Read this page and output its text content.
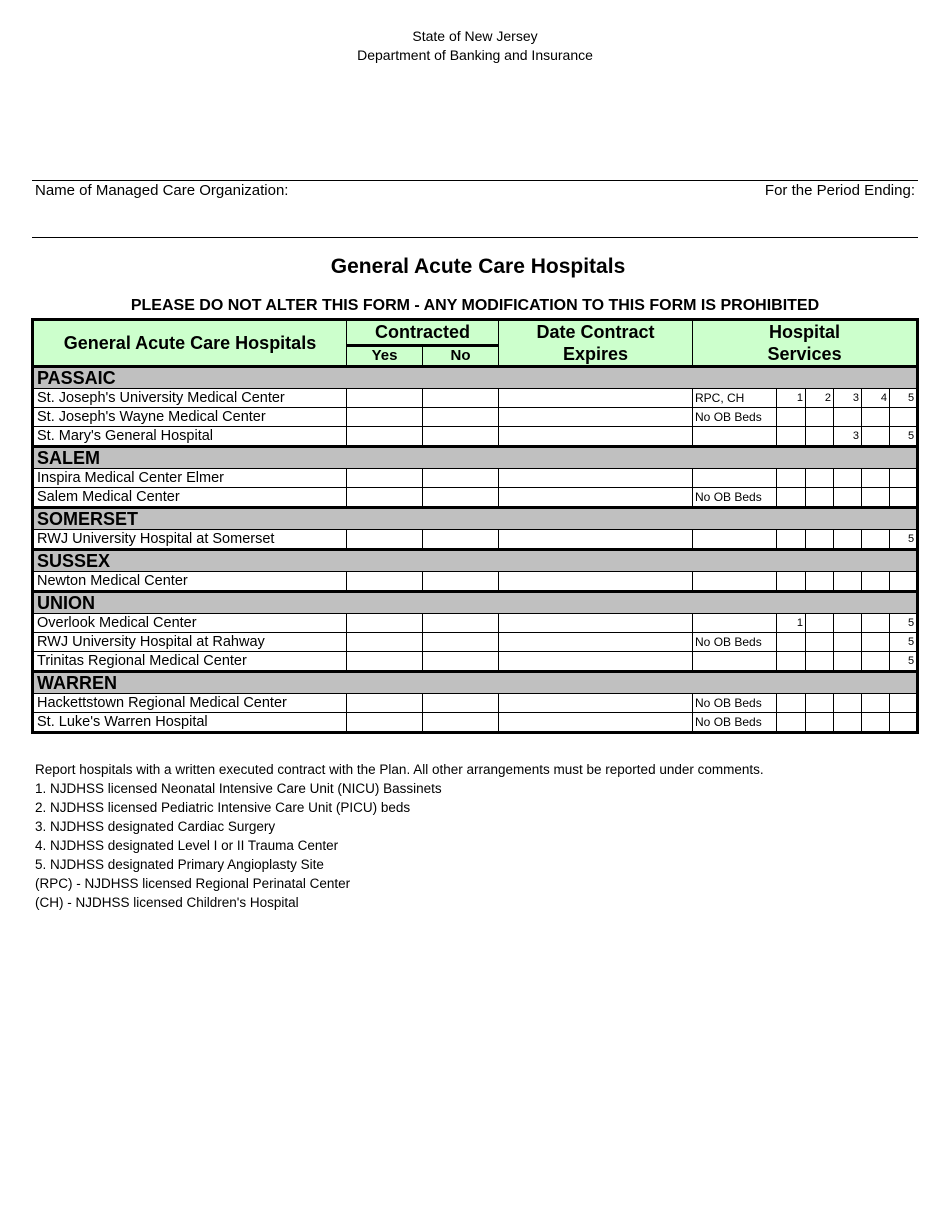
State of New Jersey
Department of Banking and Insurance
Name of Managed Care Organization:	For the Period Ending:
General Acute Care Hospitals
PLEASE DO NOT ALTER THIS FORM - ANY MODIFICATION TO THIS FORM IS PROHIBITED
General Acute Care Hospitals	Contracted		Date Contract Expires	Hospital Services					
	Yes	No							
PASSAIC									
St. Joseph's University Medical Center				RPC, CH	1	2	3	4	5
St. Joseph's Wayne Medical Center				No OB Beds					
St. Mary's General Hospital							3		5
SALEM									
Inspira Medical Center Elmer									
Salem Medical Center				No OB Beds					
SOMERSET									
RWJ University Hospital at Somerset									5
SUSSEX									
Newton Medical Center									
UNION									
Overlook Medical Center					1				5
RWJ University Hospital at Rahway				No OB Beds					5
Trinitas Regional Medical Center									5
WARREN									
Hackettstown Regional Medical Center				No OB Beds					
St. Luke's Warren Hospital				No OB Beds					
Report hospitals with a written executed contract with the Plan. All other arrangements must be reported under comments.
1. NJDHSS licensed Neonatal Intensive Care Unit (NICU) Bassinets
2. NJDHSS licensed Pediatric Intensive Care Unit (PICU) beds
3. NJDHSS designated Cardiac Surgery
4. NJDHSS designated Level I or II Trauma Center
5. NJDHSS designated Primary Angioplasty Site
(RPC) - NJDHSS licensed Regional Perinatal Center
(CH) - NJDHSS licensed Children's Hospital
